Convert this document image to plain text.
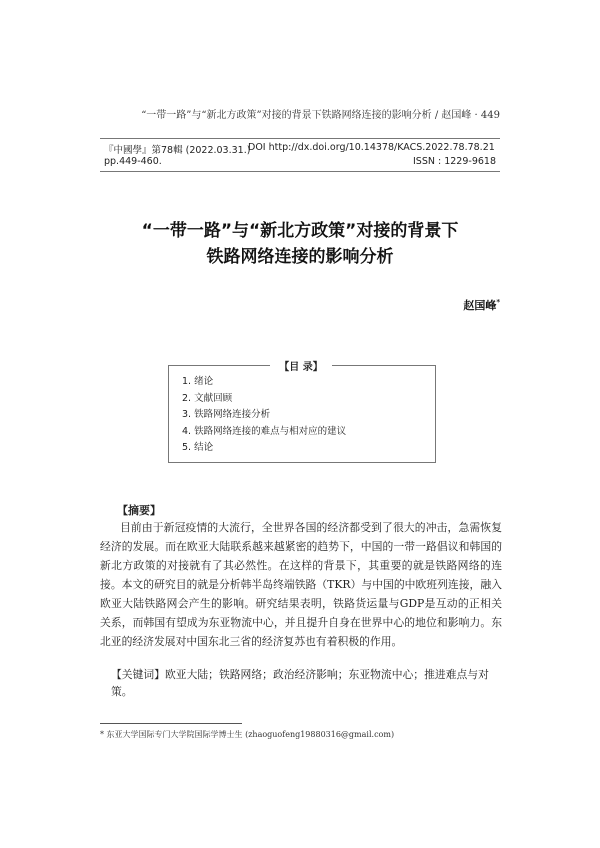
“一带一路”与“新北方政策”对接的背景下铁路网络连接的影响分析 / 赵国峰 · 449
『中國學』第78輯 (2022.03.31.)
DOI http://dx.doi.org/10.14378/KACS.2022.78.78.21
pp.449-460.	ISSN : 1229-9618
“一带一路”与“新北方政策”对接的背景下
铁路网络连接的影响分析
赵国峰*
【目 录】
1. 绪论
2. 文献回顾
3. 铁路网络连接分析
4. 铁路网络连接的难点与相对应的建议
5. 结论
【摘要】

目前由于新冠疫情的大流行，全世界各国的经济都受到了很大的冲击，急需恢复经济的发展。而在欧亚大陆联系越来越紧密的趋势下，中国的一带一路倡议和韩国的新北方政策的对接就有了其必然性。在这样的背景下，其重要的就是铁路网络的连接。本文的研究目的就是分析韩半岛终端铁路（TKR）与中国的中欧班列连接，融入欧亚大陆铁路网会产生的影响。研究结果表明，铁路货运量与GDP是互动的正相关关系，而韩国有望成为东亚物流中心，并且提升自身在世界中心的地位和影响力。东北亚的经济发展对中国东北三省的经济复苏也有着积极的作用。

【关键词】欧亚大陆；铁路网络；政治经济影响；东亚物流中心；推进难点与对策。
* 东亚大学国际专门大学院国际学博士生 (zhaoguofeng19880316@gmail.com)
